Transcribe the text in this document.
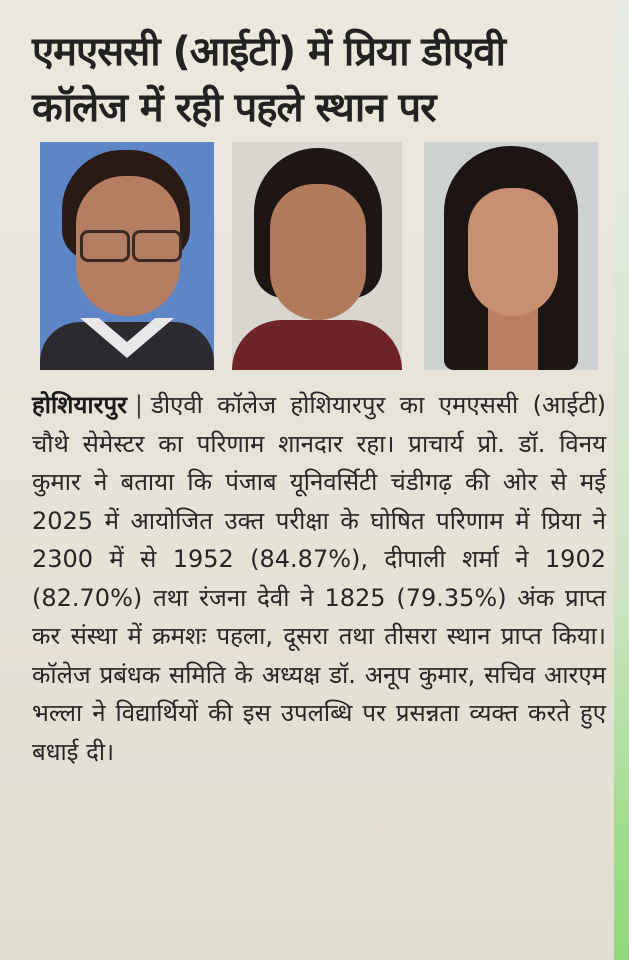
एमएससी (आईटी) में प्रिया डीएवी कॉलेज में रही पहले स्थान पर
होशियारपुर | डीएवी कॉलेज होशियारपुर का एमएससी (आईटी) चौथे सेमेस्टर का परिणाम शानदार रहा। प्राचार्य प्रो. डॉ. विनय कुमार ने बताया कि पंजाब यूनिवर्सिटी चंडीगढ़ की ओर से मई 2025 में आयोजित उक्त परीक्षा के घोषित परिणाम में प्रिया ने 2300 में से 1952 (84.87%), दीपाली शर्मा ने 1902 (82.70%) तथा रंजना देवी ने 1825 (79.35%) अंक प्राप्त कर संस्था में क्रमशः पहला, दूसरा तथा तीसरा स्थान प्राप्त किया। कॉलेज प्रबंधक समिति के अध्यक्ष डॉ. अनूप कुमार, सचिव आरएम भल्ला ने विद्यार्थियों की इस उपलब्धि पर प्रसन्नता व्यक्त करते हुए बधाई दी।
